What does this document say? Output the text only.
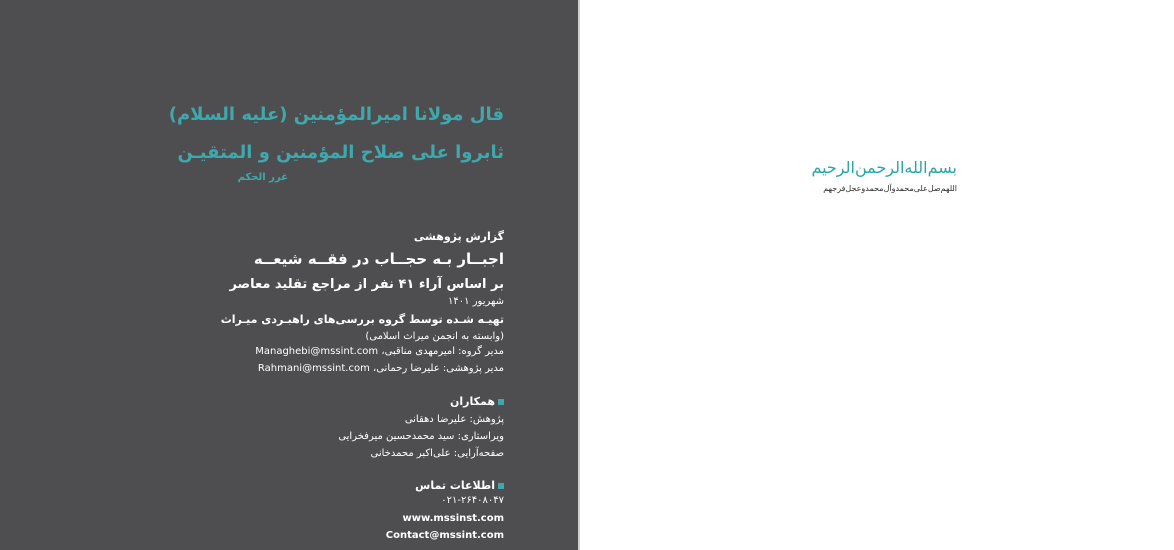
قال مولانا امیرالمؤمنین (علیه السلام)
ثابروا علی صلاح المؤمنین و المتقیـن
غرر الحکم
گزارش پژوهشی
اجبــار بـه حجــاب در فقــه شیعــه
بر اساس آراء ۴۱ نفر از مراجع تقلید معاصر
شهریور ۱۴۰۱
تهیـه شـده توسط گروه بررسی‌های راهبـردی میـراث
(وابسته به انجمن میراث اسلامی)
مدیر گروه: امیرمهدی مناقبی، Managhebi@mssint.com
مدیر پژوهشی: علیرضا رحمانی، Rahmani@mssint.com
همکاران
پژوهش: علیرضا دهقانی
ویراستاری: سید محمدحسین میرفخرایی
صفحه‌آرایی: علی‌اکبر محمدخانی
اطلاعات تماس
۰۲۱-۲۶۴۰۸۰۴۷
www.mssinst.com
Contact@mssint.com
بسم‌الله‌الرحمن‌الرحیم
اللهم‌صل‌علی‌محمدوآل‌محمدوعجل‌فرجهم
